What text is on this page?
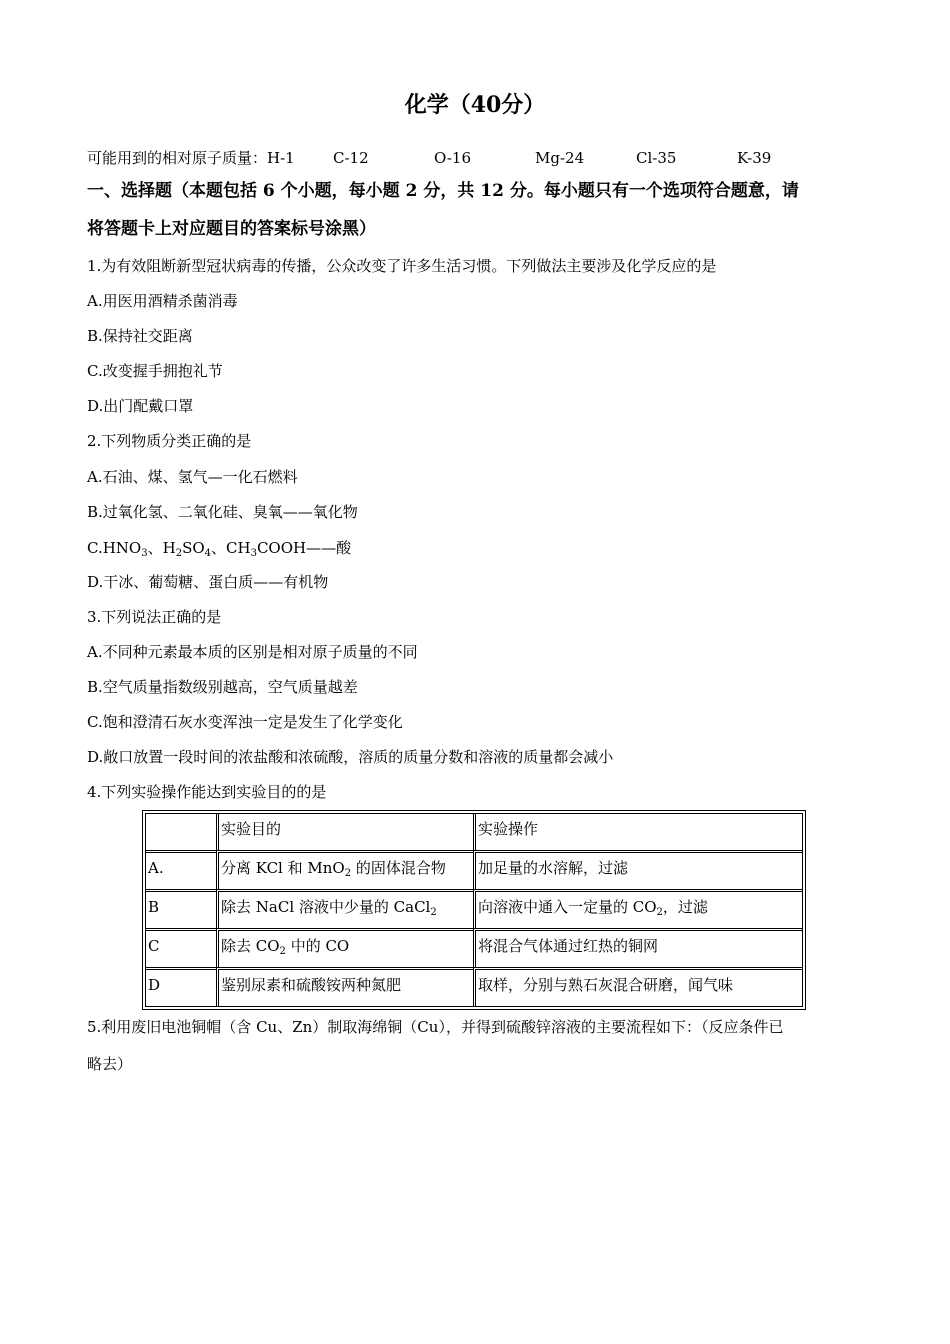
化学（40分）
可能用到的相对原子质量：H-1	C-12	O-16	Mg-24	Cl-35	K-39
一、选择题（本题包括 6 个小题，每小题 2 分，共 12 分。每小题只有一个选项符合题意，请
将答题卡上对应题目的答案标号涂黑）
1.为有效阻断新型冠状病毒的传播，公众改变了许多生活习惯。下列做法主要涉及化学反应的是
A.用医用酒精杀菌消毒
B.保持社交距离
C.改变握手拥抱礼节
D.出门配戴口罩
2.下列物质分类正确的是
A.石油、煤、氢气—一化石燃料
B.过氧化氢、二氧化硅、臭氧——氧化物
$C.HNO_3$、$H_2SO_4$、$CH_3COOH——$酸
D.干冰、葡萄糖、蛋白质——有机物
3.下列说法正确的是
A.不同种元素最本质的区别是相对原子质量的不同
B.空气质量指数级别越高，空气质量越差
C.饱和澄清石灰水变浑浊一定是发生了化学变化
D.敞口放置一段时间的浓盐酸和浓硫酸，溶质的质量分数和溶液的质量都会减小
4.下列实验操作能达到实验目的的是
	实验目的	实验操作
A.	分离 KCl 和 MnO$_2$ 的固体混合物	加足量的水溶解，过滤
B	除去 NaCl 溶液中少量的 CaCl$_2$	向溶液中通入一定量的 $CO_2$，过滤
C	除去 $CO_2$ 中的 CO	将混合气体通过红热的铜网
D	鉴别尿素和硫酸铵两种氮肥	取样，分别与熟石灰混合研磨，闻气味
5.利用废旧电池铜帽（含 Cu、Zn）制取海绵铜（Cu），并得到硫酸锌溶液的主要流程如下：（反应条件已
略去）
